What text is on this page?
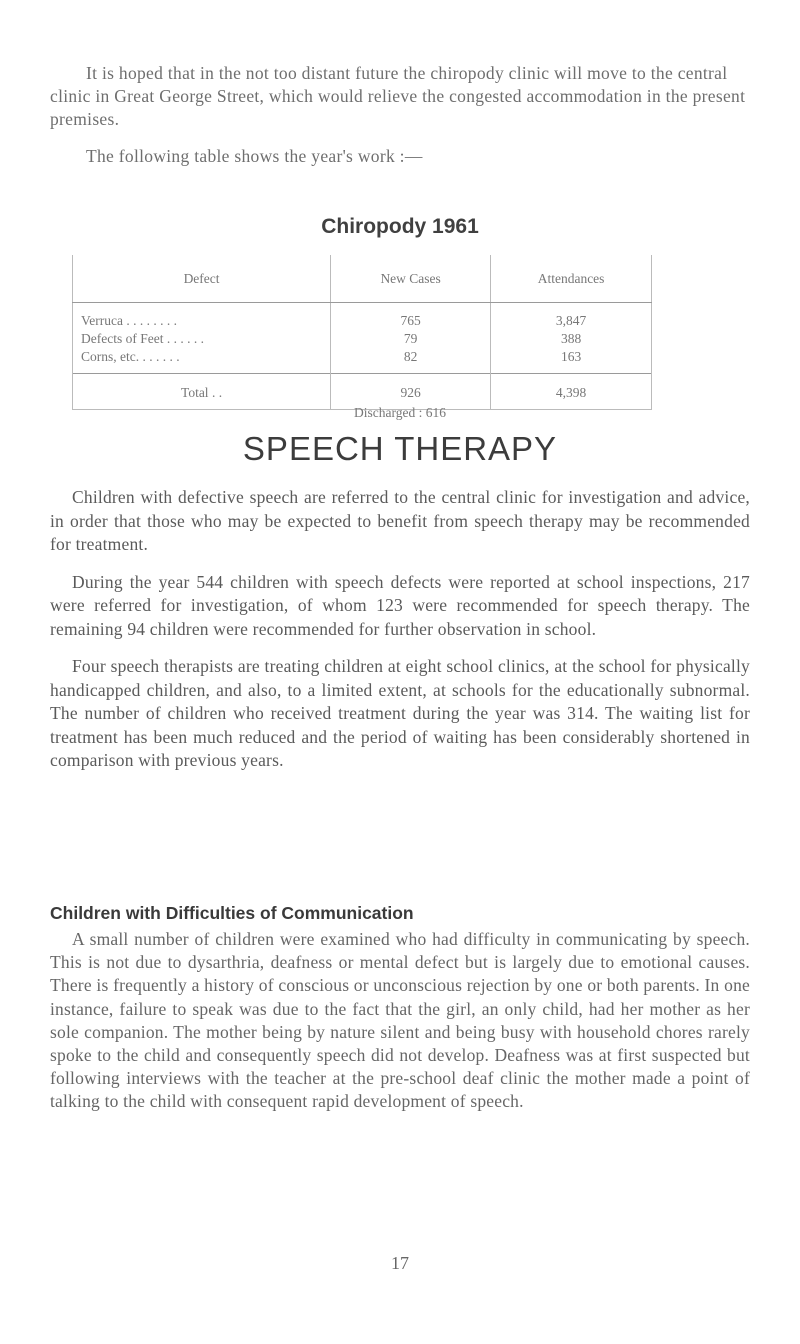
It is hoped that in the not too distant future the chiropody clinic will move to the central clinic in Great George Street, which would relieve the congested accommodation in the present premises.

The following table shows the year's work :—

Chiropody 1961
Defect	New Cases	Attendances
Verruca . . . . . . . .	765	3,847
Defects of Feet . . . . . .	79	388
Corns, etc. . . . . . .	82	163
Total . .	926	4,398
Discharged : 616
SPEECH THERAPY

Children with defective speech are referred to the central clinic for investigation and advice, in order that those who may be expected to benefit from speech therapy may be recommended for treatment.

During the year 544 children with speech defects were reported at school inspections, 217 were referred for investigation, of whom 123 were recommended for speech therapy. The remaining 94 children were recommended for further observation in school.

Four speech therapists are treating children at eight school clinics, at the school for physically handicapped children, and also, to a limited extent, at schools for the educationally subnormal. The number of children who received treatment during the year was 314. The waiting list for treatment has been much reduced and the period of waiting has been considerably shortened in comparison with previous years.

Children with Difficulties of Communication

A small number of children were examined who had difficulty in communicating by speech. This is not due to dysarthria, deafness or mental defect but is largely due to emotional causes. There is frequently a history of conscious or unconscious rejection by one or both parents. In one instance, failure to speak was due to the fact that the girl, an only child, had her mother as her sole companion. The mother being by nature silent and being busy with household chores rarely spoke to the child and consequently speech did not develop. Deafness was at first suspected but following interviews with the teacher at the pre-school deaf clinic the mother made a point of talking to the child with consequent rapid development of speech.

17
